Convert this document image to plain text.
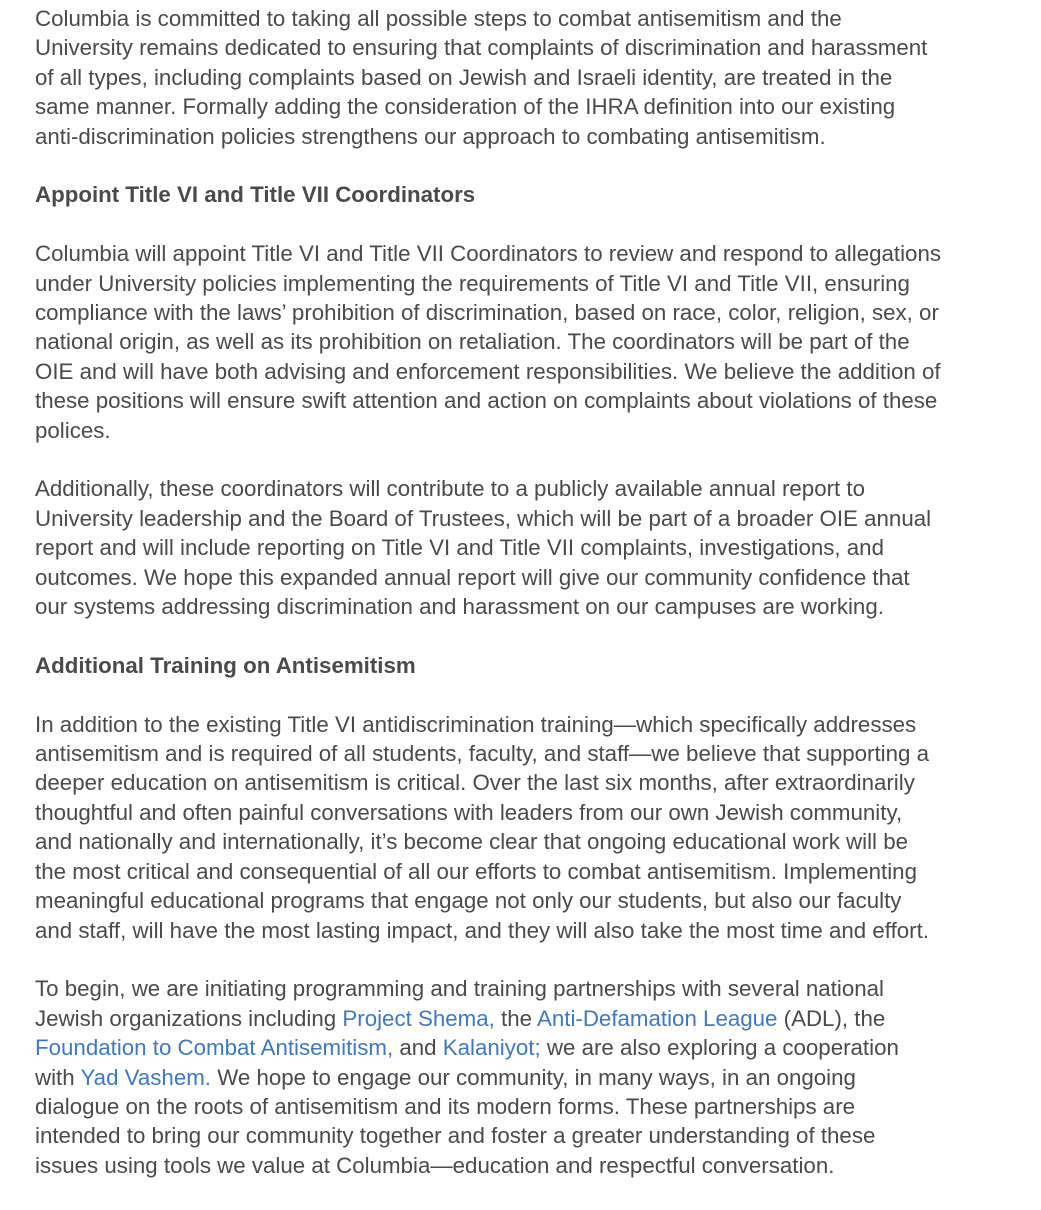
Columbia is committed to taking all possible steps to combat antisemitism and the
University remains dedicated to ensuring that complaints of discrimination and harassment
of all types, including complaints based on Jewish and Israeli identity, are treated in the
same manner. Formally adding the consideration of the IHRA definition into our existing
anti-discrimination policies strengthens our approach to combating antisemitism.

Appoint Title VI and Title VII Coordinators

Columbia will appoint Title VI and Title VII Coordinators to review and respond to allegations
under University policies implementing the requirements of Title VI and Title VII, ensuring
compliance with the laws’ prohibition of discrimination, based on race, color, religion, sex, or
national origin, as well as its prohibition on retaliation. The coordinators will be part of the
OIE and will have both advising and enforcement responsibilities. We believe the addition of
these positions will ensure swift attention and action on complaints about violations of these
polices.

Additionally, these coordinators will contribute to a publicly available annual report to
University leadership and the Board of Trustees, which will be part of a broader OIE annual
report and will include reporting on Title VI and Title VII complaints, investigations, and
outcomes. We hope this expanded annual report will give our community confidence that
our systems addressing discrimination and harassment on our campuses are working.

Additional Training on Antisemitism

In addition to the existing Title VI antidiscrimination training—which specifically addresses
antisemitism and is required of all students, faculty, and staff—we believe that supporting a
deeper education on antisemitism is critical. Over the last six months, after extraordinarily
thoughtful and often painful conversations with leaders from our own Jewish community,
and nationally and internationally, it’s become clear that ongoing educational work will be
the most critical and consequential of all our efforts to combat antisemitism. Implementing
meaningful educational programs that engage not only our students, but also our faculty
and staff, will have the most lasting impact, and they will also take the most time and effort.

To begin, we are initiating programming and training partnerships with several national
Jewish organizations including Project Shema, the Anti-Defamation League (ADL), the
Foundation to Combat Antisemitism, and Kalaniyot; we are also exploring a cooperation
with Yad Vashem. We hope to engage our community, in many ways, in an ongoing
dialogue on the roots of antisemitism and its modern forms. These partnerships are
intended to bring our community together and foster a greater understanding of these
issues using tools we value at Columbia—education and respectful conversation.
